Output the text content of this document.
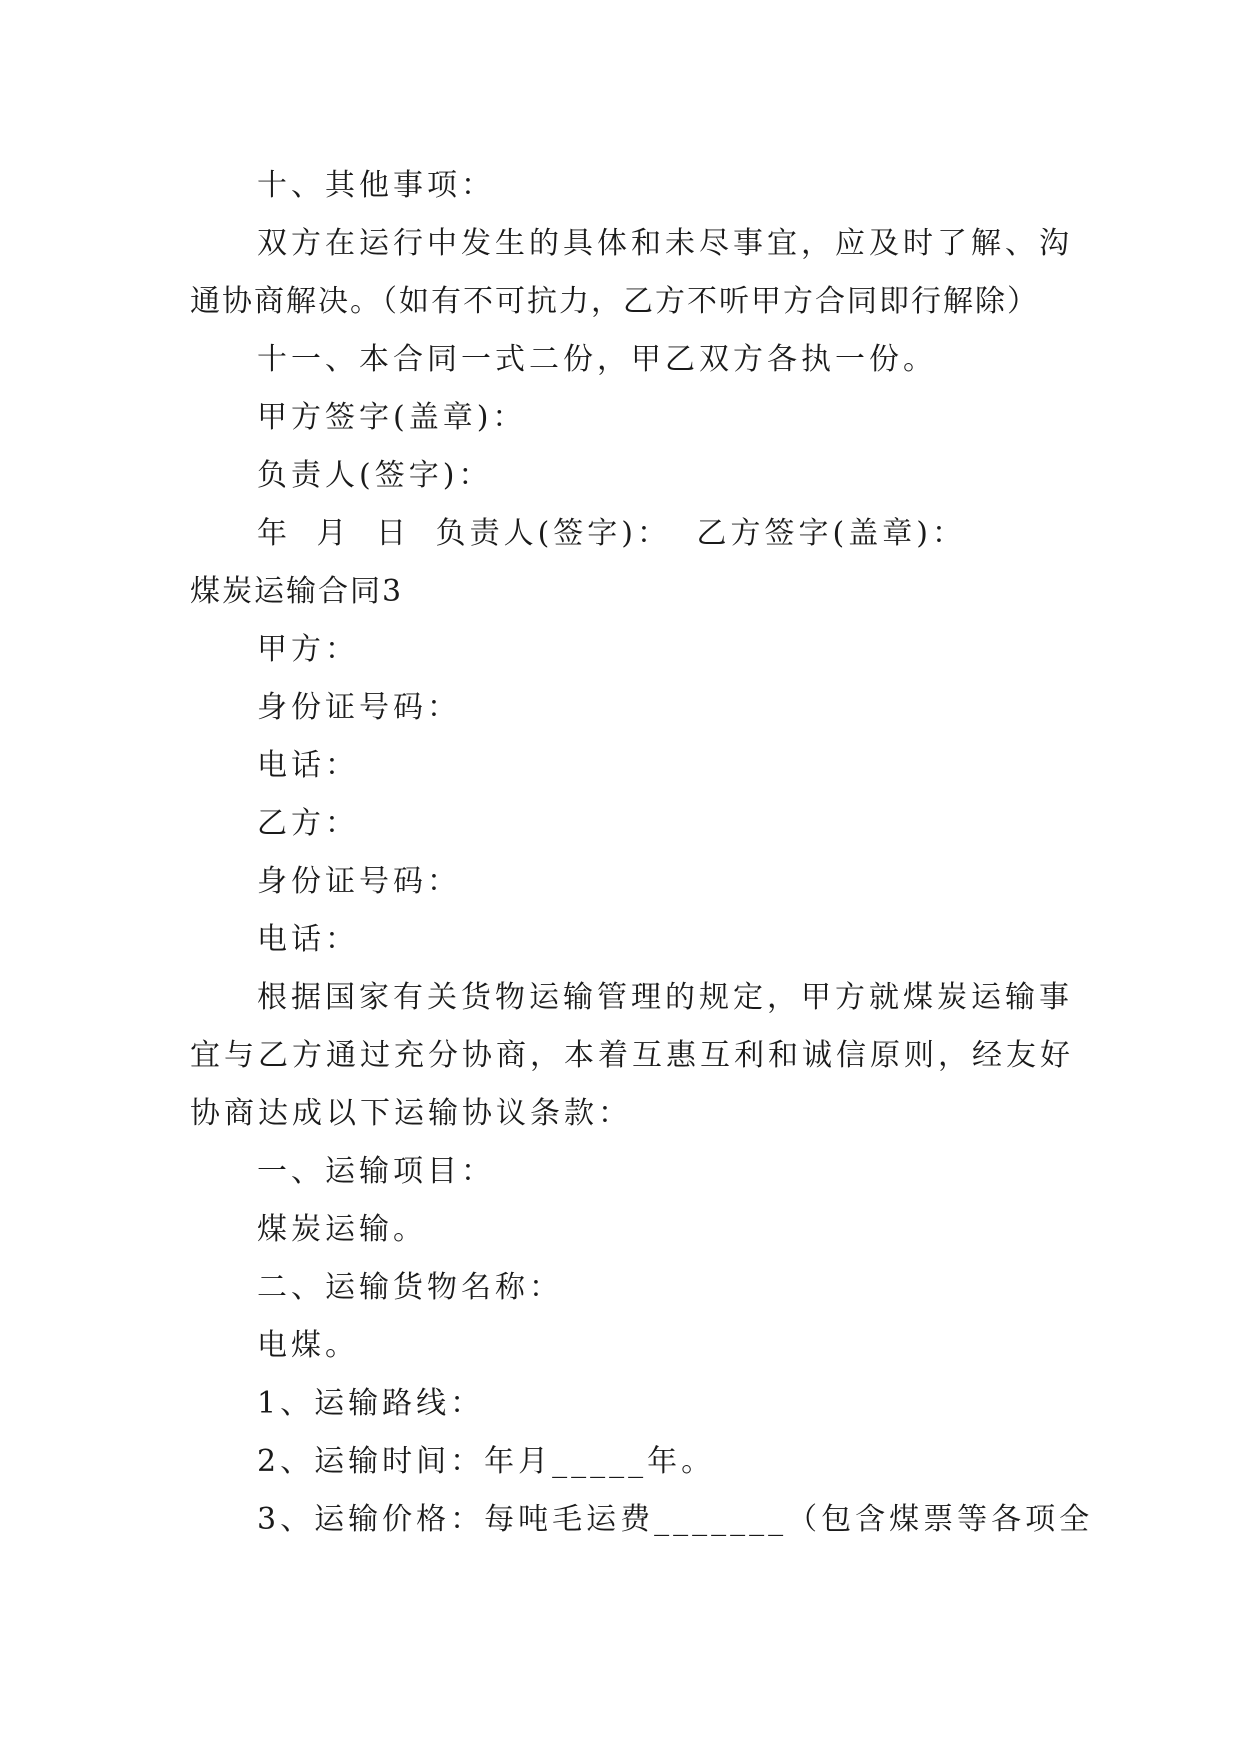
十、其他事项：
双方在运行中发生的具体和未尽事宜，应及时了解、沟
通协商解决。（如有不可抗力，乙方不听甲方合同即行解除）
十一、本合同一式二份，甲乙双方各执一份。
甲方签字(盖章)：
负责人(签字)：
年 月 日 负责人(签字)： 乙方签字(盖章)：
煤炭运输合同3
甲方：
身份证号码：
电话：
乙方：
身份证号码：
电话：
根据国家有关货物运输管理的规定，甲方就煤炭运输事
宜与乙方通过充分协商，本着互惠互利和诚信原则，经友好
协商达成以下运输协议条款：
一、运输项目：
煤炭运输。
二、运输货物名称：
电煤。
1、运输路线：
2、运输时间：年月_____年。
3、运输价格：每吨毛运费_______（包含煤票等各项全
